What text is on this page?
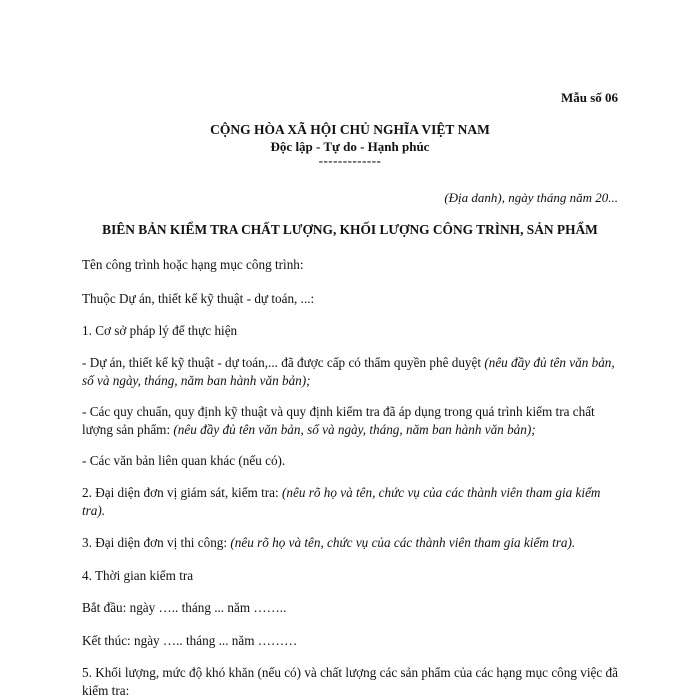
Mẫu số 06
CỘNG HÒA XÃ HỘI CHỦ NGHĨA VIỆT NAM
Độc lập - Tự do - Hạnh phúc
-------------
(Địa danh), ngày tháng năm 20...
BIÊN BẢN KIỂM TRA CHẤT LƯỢNG, KHỐI LƯỢNG CÔNG TRÌNH, SẢN PHẨM
Tên công trình hoặc hạng mục công trình:
Thuộc Dự án, thiết kế kỹ thuật - dự toán, ...:
1. Cơ sở pháp lý để thực hiện
- Dự án, thiết kế kỹ thuật - dự toán,... đã được cấp có thẩm quyền phê duyệt (nêu đầy đủ tên văn bản, số và ngày, tháng, năm ban hành văn bản);
- Các quy chuẩn, quy định kỹ thuật và quy định kiểm tra đã áp dụng trong quá trình kiểm tra chất lượng sản phẩm: (nêu đầy đủ tên văn bản, số và ngày, tháng, năm ban hành văn bản);
- Các văn bản liên quan khác (nếu có).
2. Đại diện đơn vị giám sát, kiểm tra: (nêu rõ họ và tên, chức vụ của các thành viên tham gia kiểm tra).
3. Đại diện đơn vị thi công: (nêu rõ họ và tên, chức vụ của các thành viên tham gia kiểm tra).
4. Thời gian kiểm tra
Bắt đầu: ngày ….. tháng ... năm ……..
Kết thúc: ngày ….. tháng ... năm ………
5. Khối lượng, mức độ khó khăn (nếu có) và chất lượng các sản phẩm của các hạng mục công việc đã kiểm tra:
